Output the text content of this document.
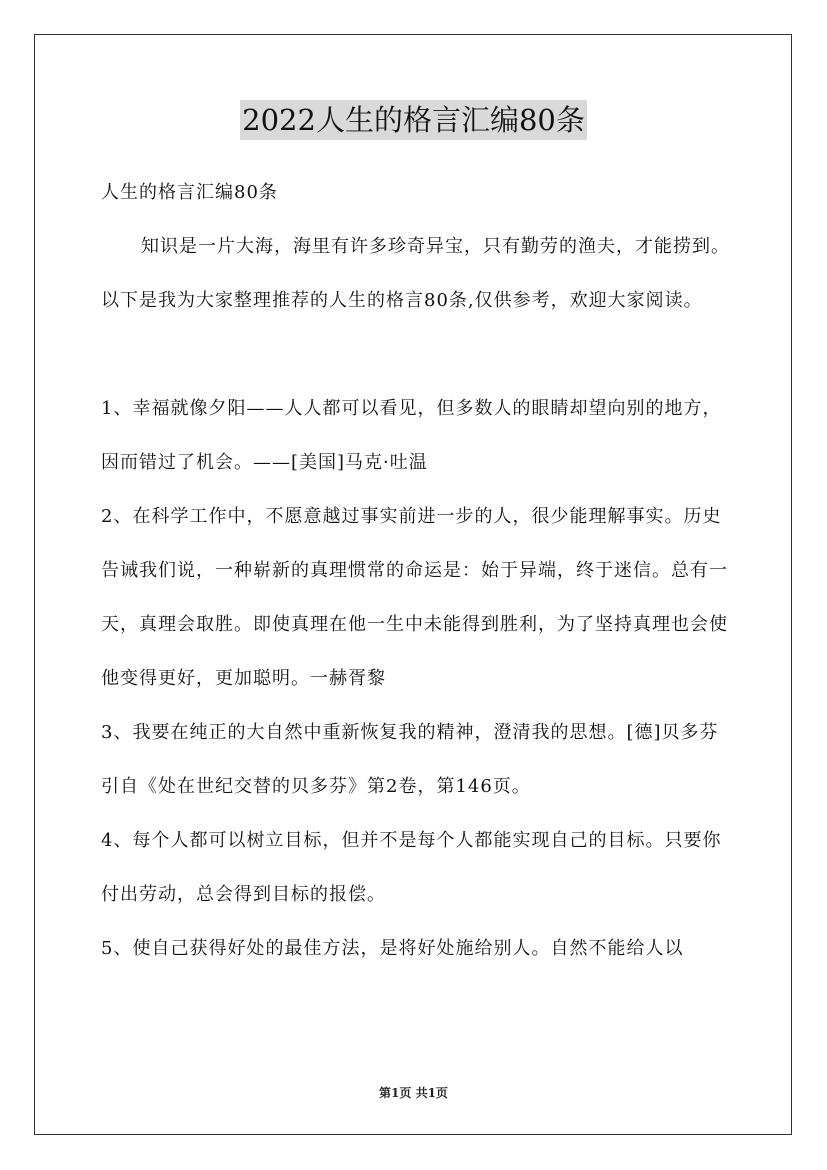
2022人生的格言汇编80条

人生的格言汇编80条

知识是一片大海，海里有许多珍奇异宝，只有勤劳的渔夫，才能捞到。以下是我为大家整理推荐的人生的格言80条,仅供参考，欢迎大家阅读。

1、幸福就像夕阳——人人都可以看见，但多数人的眼睛却望向别的地方，因而错过了机会。——[美国]马克·吐温

2、在科学工作中，不愿意越过事实前进一步的人，很少能理解事实。历史告诫我们说，一种崭新的真理惯常的命运是：始于异端，终于迷信。总有一天，真理会取胜。即使真理在他一生中未能得到胜利，为了坚持真理也会使他变得更好，更加聪明。一赫胥黎

3、我要在纯正的大自然中重新恢复我的精神，澄清我的思想。[德]贝多芬引自《处在世纪交替的贝多芬》第2卷，第146页。

4、每个人都可以树立目标，但并不是每个人都能实现自己的目标。只要你付出劳动，总会得到目标的报偿。

5、使自己获得好处的最佳方法，是将好处施给别人。自然不能给人以

第1页 共1页
